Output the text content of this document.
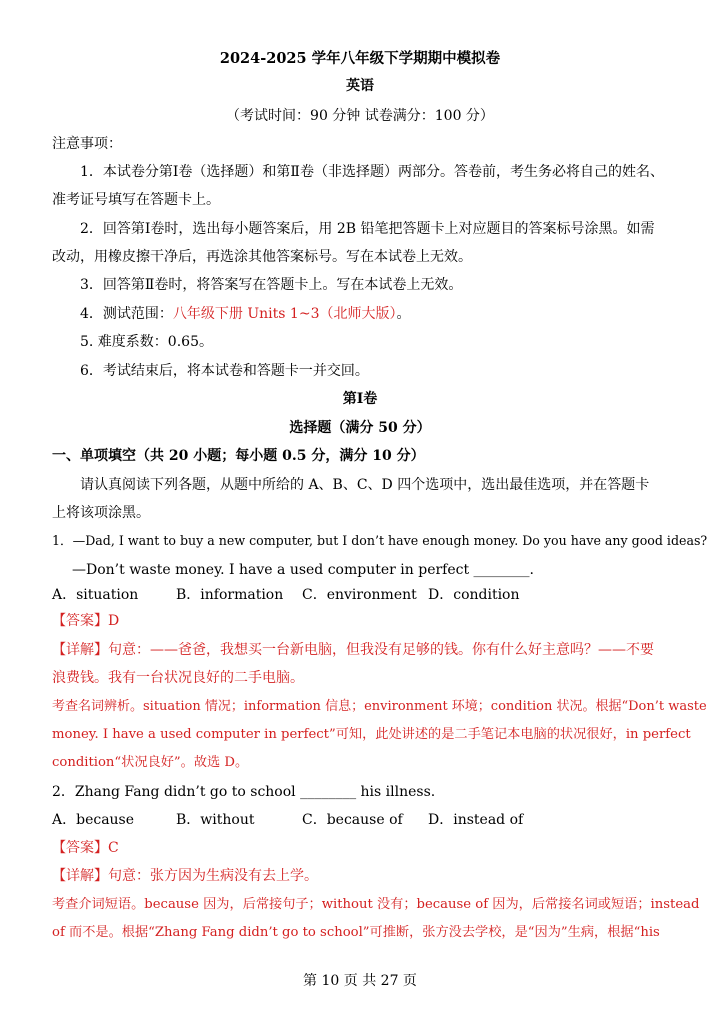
2024-2025 学年八年级下学期期中模拟卷
英语
（考试时间：90 分钟 试卷满分：100 分）
注意事项：
1．本试卷分第Ⅰ卷（选择题）和第Ⅱ卷（非选择题）两部分。答卷前，考生务必将自己的姓名、
准考证号填写在答题卡上。
2．回答第Ⅰ卷时，选出每小题答案后，用 2B 铅笔把答题卡上对应题目的答案标号涂黑。如需
改动，用橡皮擦干净后，再选涂其他答案标号。写在本试卷上无效。
3．回答第Ⅱ卷时，将答案写在答题卡上。写在本试卷上无效。
4．测试范围：八年级下册 Units 1~3（北师大版）。
5. 难度系数：0.65。
6．考试结束后，将本试卷和答题卡一并交回。
第Ⅰ卷
选择题（满分 50 分）
一、单项填空（共 20 小题；每小题 0.5 分，满分 10 分）
请认真阅读下列各题，从题中所给的 A、B、C、D 四个选项中，选出最佳选项，并在答题卡
上将该项涂黑。
1．—Dad, I want to buy a new computer, but I don’t have enough money. Do you have any good ideas?
—Don’t waste money. I have a used computer in perfect ________.
A．situation	B．information C．environment D．condition
【答案】D
【详解】句意：——爸爸，我想买一台新电脑，但我没有足够的钱。你有什么好主意吗？——不要
浪费钱。我有一台状况良好的二手电脑。
考查名词辨析。situation 情况；information 信息；environment 环境；condition 状况。根据“Don’t waste
money. I have a used computer in perfect”可知，此处讲述的是二手笔记本电脑的状况很好，in perfect
condition“状况良好”。故选 D。
2．Zhang Fang didn’t go to school ________ his illness.
A．because	B．without	C．because of D．instead of
【答案】C
【详解】句意：张方因为生病没有去上学。
考查介词短语。because 因为，后常接句子；without 没有；because of 因为，后常接名词或短语；instead
of 而不是。根据“Zhang Fang didn’t go to school”可推断，张方没去学校，是“因为”生病，根据“his
第 10 页 共 27 页
